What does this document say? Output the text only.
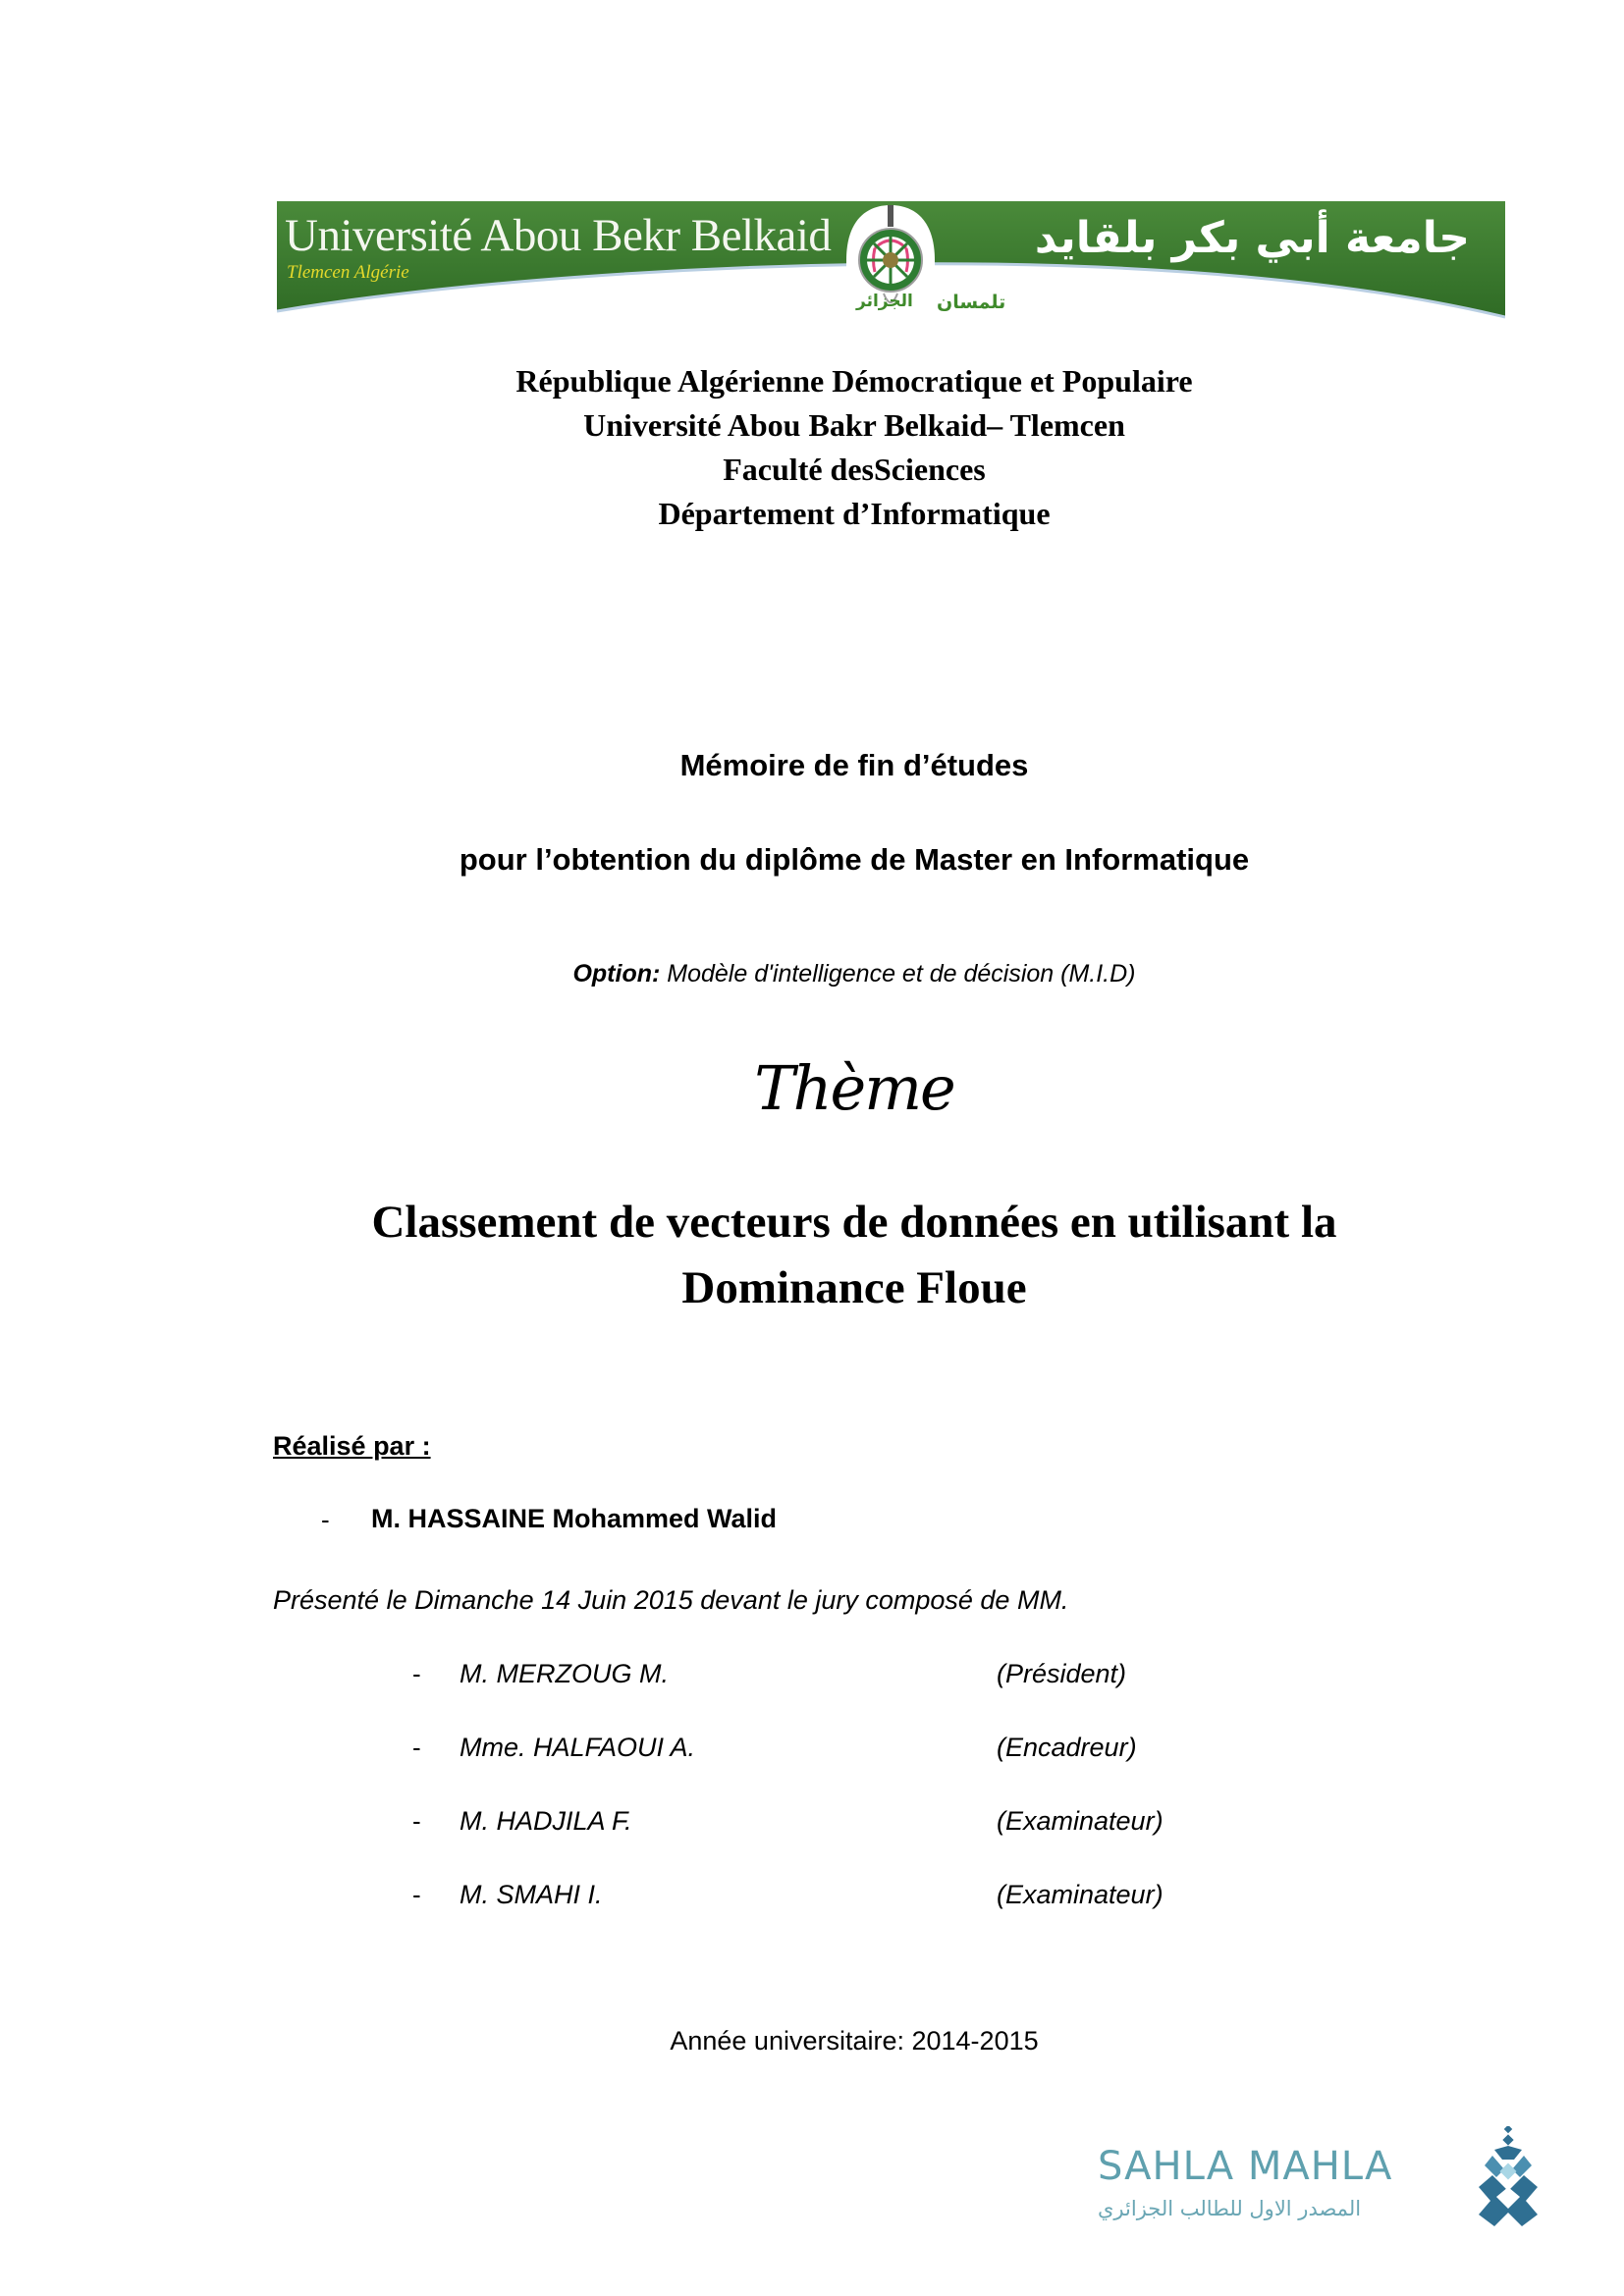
Université Abou Bekr Belkaid
Tlemcen Algérie
جامعة أبي بكر بلقايد
تلمسان
الجزائر
République Algérienne Démocratique et Populaire
Université Abou Bakr Belkaid– Tlemcen
Faculté desSciences
Département d’Informatique
Mémoire de fin d’études
pour l’obtention du diplôme de Master en Informatique
Option: Modèle d'intelligence et de décision (M.I.D)
Thème
Classement de vecteurs de données en utilisant la
Dominance Floue
Réalisé par :
- M. HASSAINE Mohammed Walid
Présenté le Dimanche 14 Juin 2015 devant le jury composé de MM.
- M. MERZOUG M.	(Président)
- Mme. HALFAOUI A.	(Encadreur)
- M. HADJILA F.	(Examinateur)
- M. SMAHI I.	(Examinateur)
Année universitaire: 2014-2015
SAHLA MAHLA
المصدر الاول للطالب الجزائري
